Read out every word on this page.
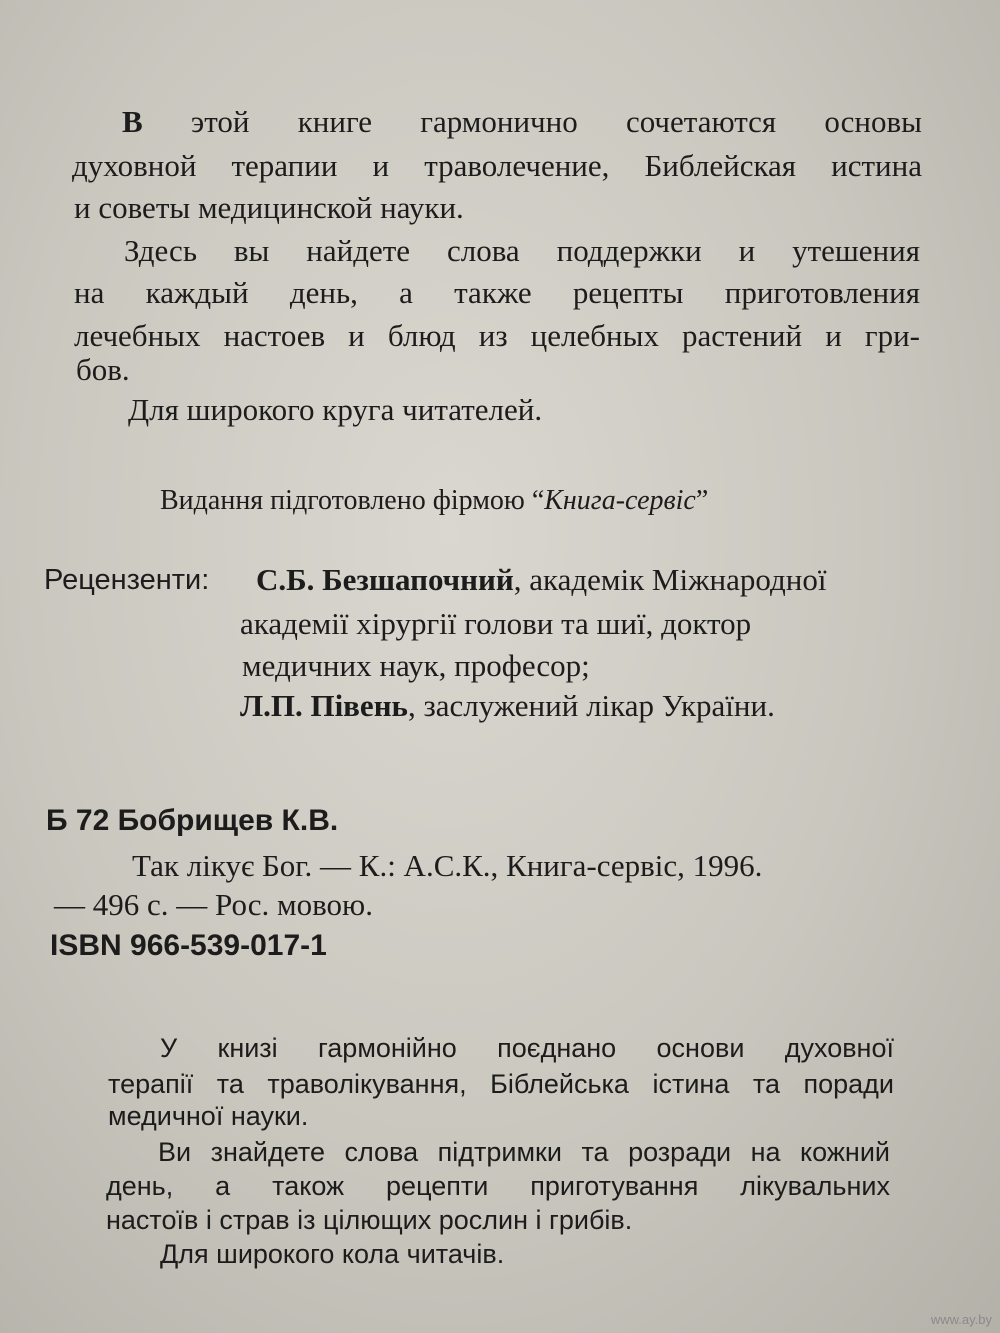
В этой книге гармонично сочетаются основы
духовной терапии и траволечение, Библейская истина
и советы медицинской науки.
Здесь вы найдете слова поддержки и утешения
на каждый день, а также рецепты приготовления
лечебных настоев и блюд из целебных растений и гри-
бов.
Для широкого круга читателей.
Видання підготовлено фірмою “Книга-сервіс”
Рецензенти: С.Б. Безшапочний, академік Міжнародної
академії хірургії голови та шиї, доктор
медичних наук, професор;
Л.П. Півень, заслужений лікар України.
Б 72 Бобрищев К.В.
Так лікує Бог. — К.: А.С.К., Книга-сервіс, 1996.
— 496 с. — Рос. мовою.
ISBN 966-539-017-1
У книзі гармонійно поєднано основи духовної
терапії та траволікування, Біблейська істина та поради
медичної науки.
Ви знайдете слова підтримки та розради на кожний
день, а також рецепти приготування лікувальних
настоїв і страв із цілющих рослин і грибів.
Для широкого кола читачів.
www.ay.by
